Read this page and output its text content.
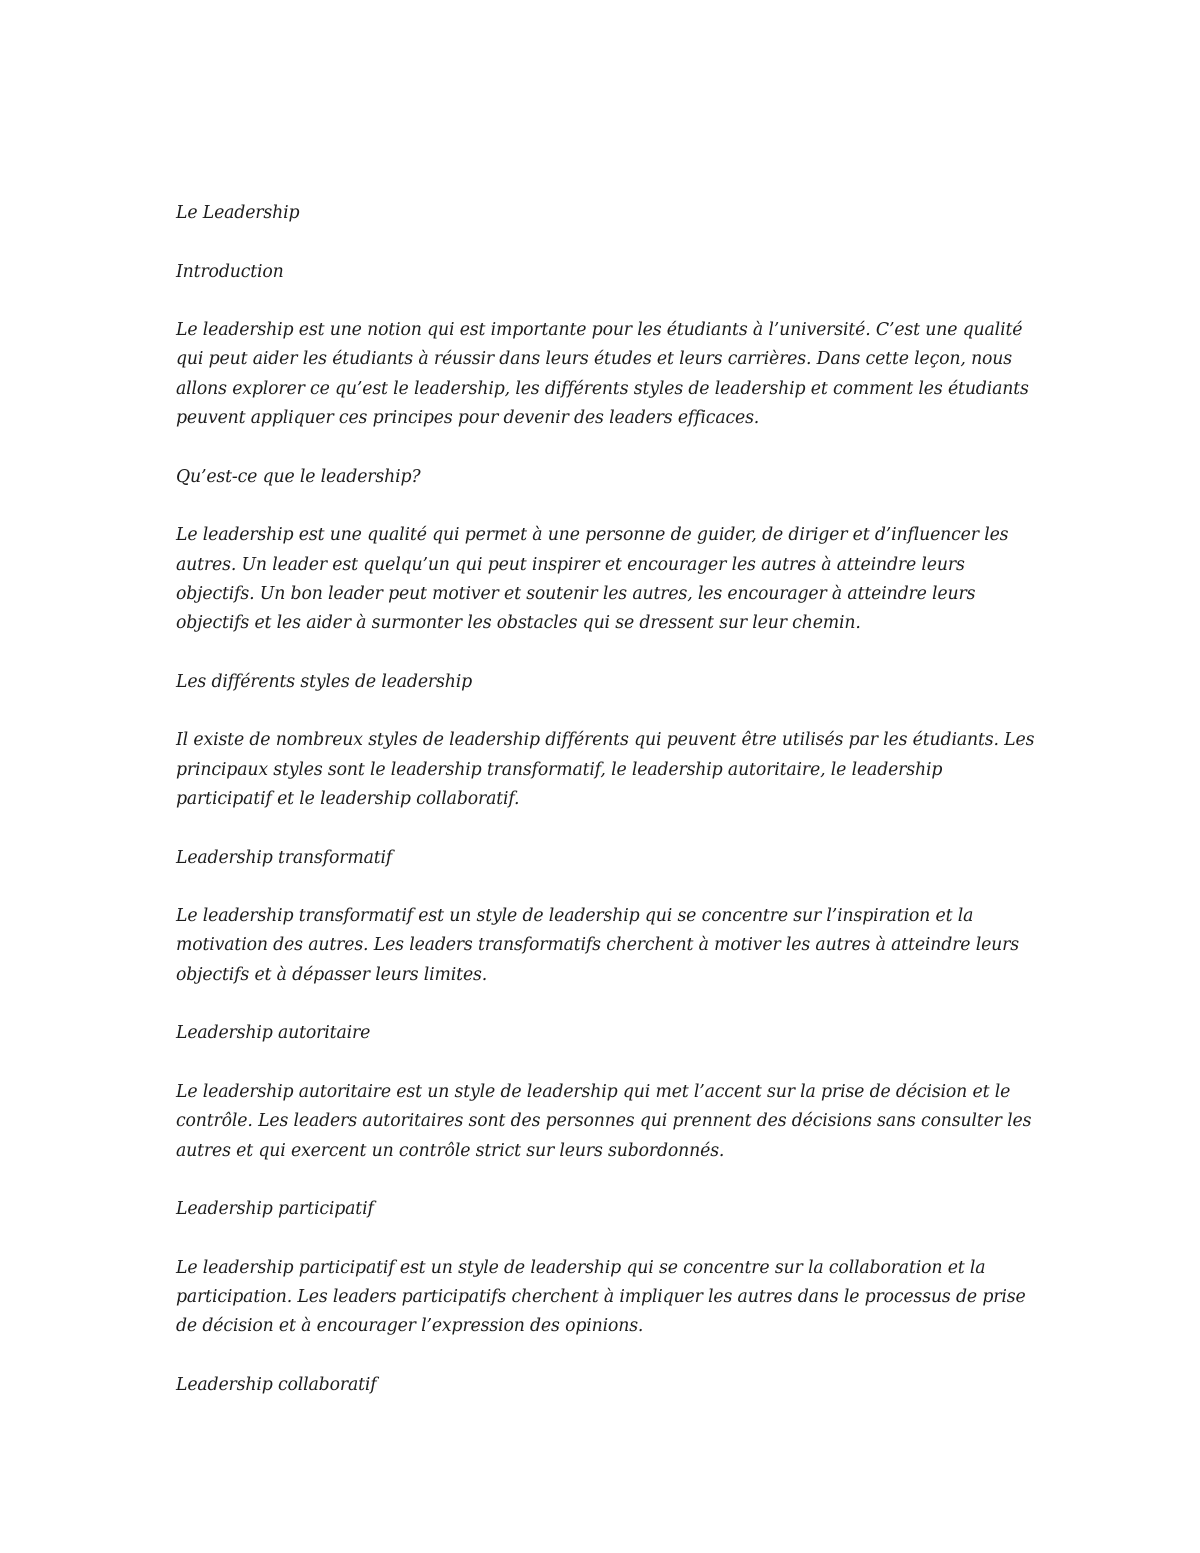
Le Leadership

Introduction

Le leadership est une notion qui est importante pour les étudiants à l’université. C’est une qualité qui peut aider les étudiants à réussir dans leurs études et leurs carrières. Dans cette leçon, nous allons explorer ce qu’est le leadership, les différents styles de leadership et comment les étudiants peuvent appliquer ces principes pour devenir des leaders efficaces.

Qu’est-ce que le leadership?

Le leadership est une qualité qui permet à une personne de guider, de diriger et d’influencer les autres. Un leader est quelqu’un qui peut inspirer et encourager les autres à atteindre leurs objectifs. Un bon leader peut motiver et soutenir les autres, les encourager à atteindre leurs objectifs et les aider à surmonter les obstacles qui se dressent sur leur chemin.

Les différents styles de leadership

Il existe de nombreux styles de leadership différents qui peuvent être utilisés par les étudiants. Les principaux styles sont le leadership transformatif, le leadership autoritaire, le leadership participatif et le leadership collaboratif.

Leadership transformatif

Le leadership transformatif est un style de leadership qui se concentre sur l’inspiration et la motivation des autres. Les leaders transformatifs cherchent à motiver les autres à atteindre leurs objectifs et à dépasser leurs limites.

Leadership autoritaire

Le leadership autoritaire est un style de leadership qui met l’accent sur la prise de décision et le contrôle. Les leaders autoritaires sont des personnes qui prennent des décisions sans consulter les autres et qui exercent un contrôle strict sur leurs subordonnés.

Leadership participatif

Le leadership participatif est un style de leadership qui se concentre sur la collaboration et la participation. Les leaders participatifs cherchent à impliquer les autres dans le processus de prise de décision et à encourager l’expression des opinions.

Leadership collaboratif
